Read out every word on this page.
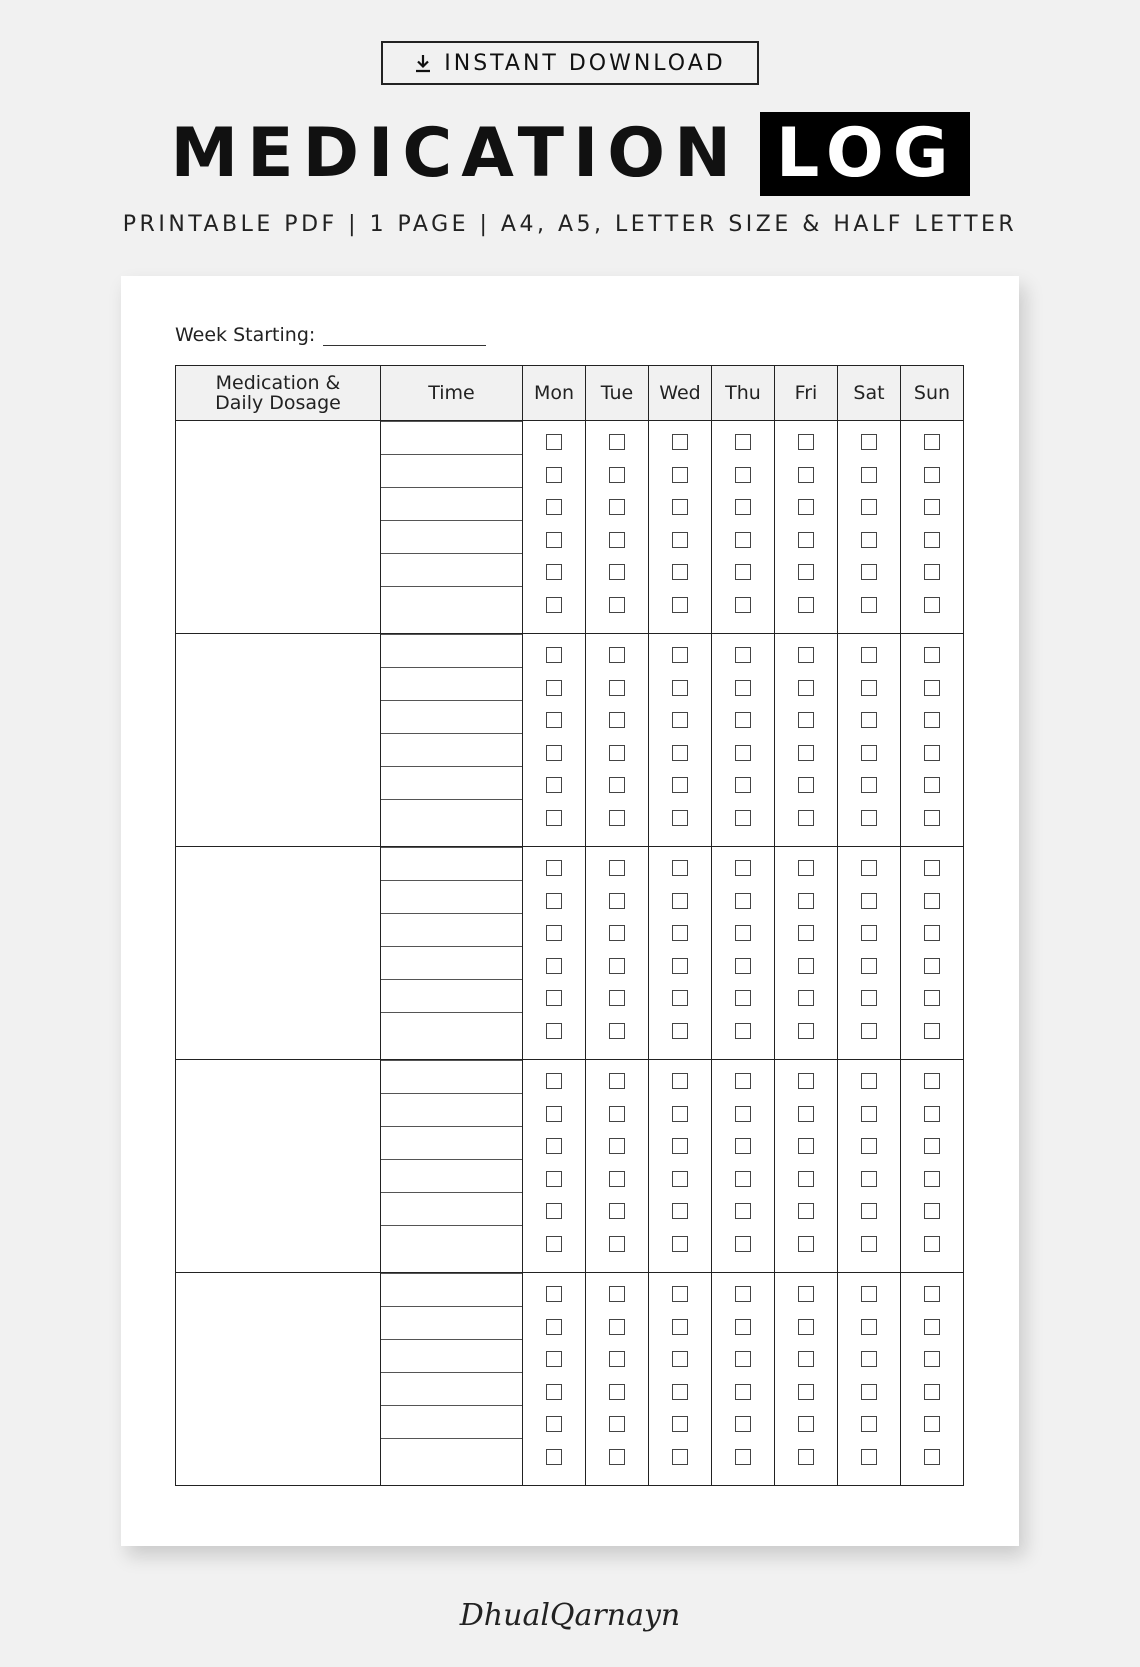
INSTANT DOWNLOAD
MEDICATION LOG
PRINTABLE PDF | 1 PAGE | A4, A5, LETTER SIZE & HALF LETTER
Week Starting:
Medication &
Daily Dosage	Time	Mon	Tue	Wed	Thu	Fri	Sat	Sun

DhualQarnayn
